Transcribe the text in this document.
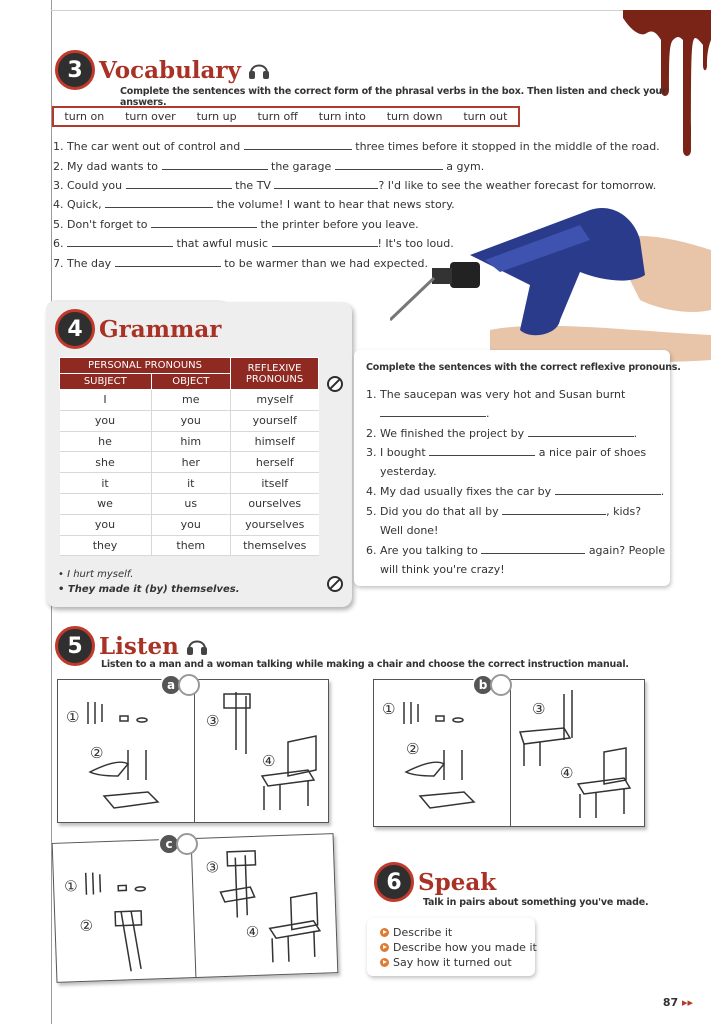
3 Vocabulary
Complete the sentences with the correct form of the phrasal verbs in the box. Then listen and check your answers.
turn on turn over turn up turn off turn into turn down turn out
1. The car went out of control and	three times before it stopped in the middle of the road.
2. My dad wants to	the garage	a gym.
3. Could you	the TV	? I'd like to see the weather forecast for tomorrow.
4. Quick,	the volume! I want to hear that news story.
5. Don't forget to	the printer before you leave.
6.	that awful music	! It's too loud.
7. The day	to be warmer than we had expected.
4 Grammar
PERSONAL PRONOUNS		REFLEXIVE PRONOUNS
SUBJECT	OBJECT	
I	me	myself
you	you	yourself
he	him	himself
she	her	herself
it	it	itself
we	us	ourselves
you	you	yourselves
they	them	themselves
• I hurt myself.
• They made it (by) themselves.
Complete the sentences with the correct reflexive pronouns.
1. The saucepan was very hot and Susan burnt
.
2. We finished the project by	.
3. I bought	a nice pair of shoes
yesterday.
4. My dad usually fixes the car by	.
5. Did you do that all by	, kids?
Well done!
6. Are you talking to	again? People
will think you're crazy!
5 Listen
Listen to a man and a woman talking while making a chair and choose the correct instruction manual.
①
②
③
④
a
①
②
③
④
b
①
②
③
④
c
6 Speak
Talk in pairs about something you've made.
Describe it
Describe how you made it
Say how it turned out
87 ▸▸
